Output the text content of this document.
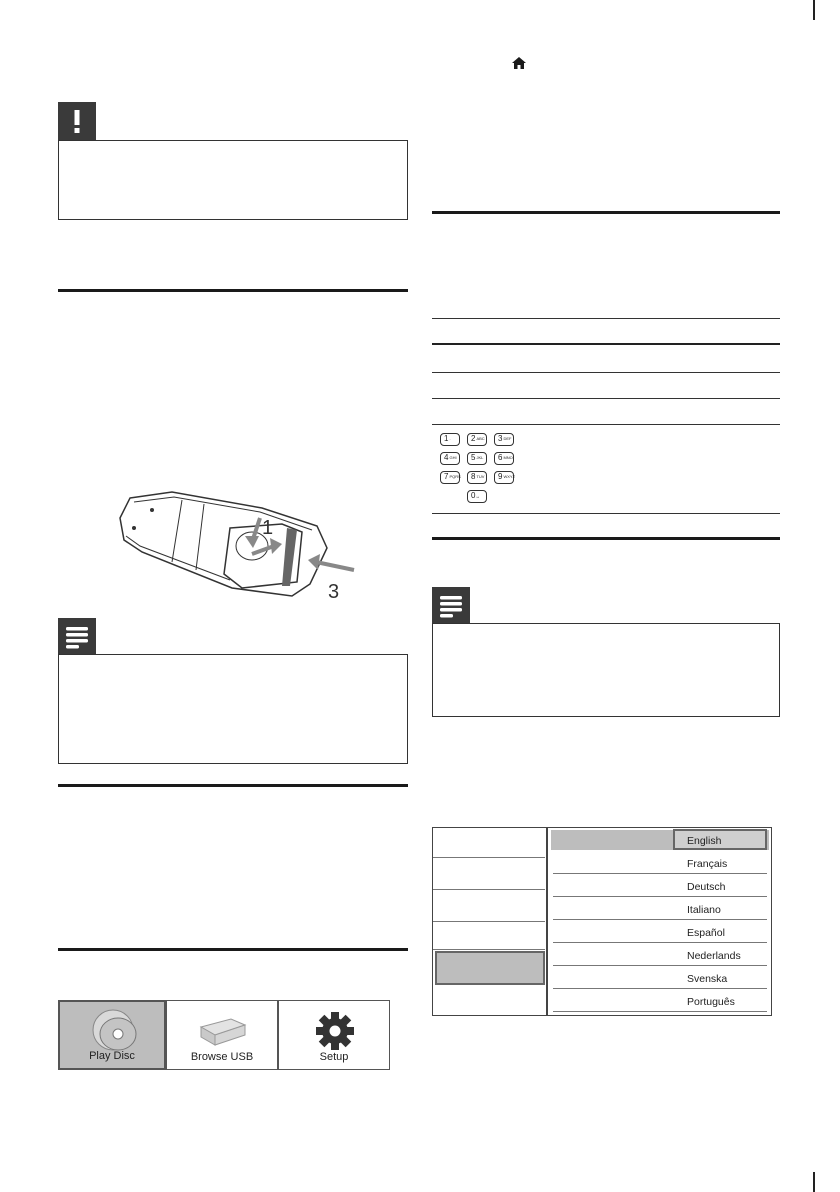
1
3
Play Disc	Browse USB	Setup
1.	2ABC	3DEF
4GHI	5JKL	6MNO
7PQRS	8TUV	9WXYZ
0␣
English
Français
Deutsch
Italiano
Español
Nederlands
Svenska
Português
